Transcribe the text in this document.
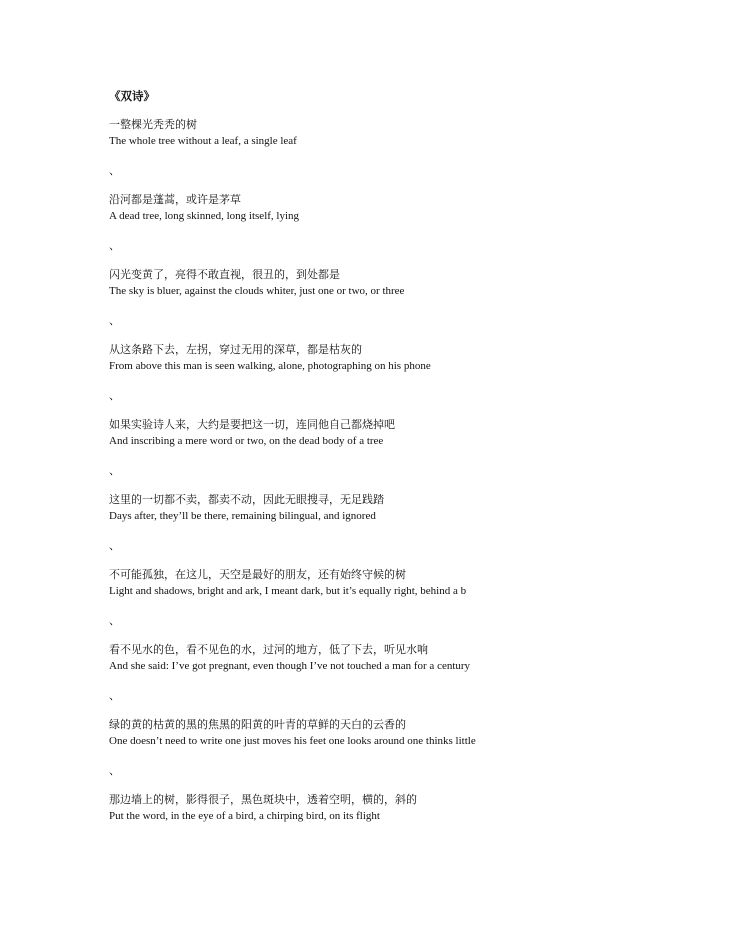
《双诗》
一整棵光秃秃的树
The whole tree without a leaf, a single leaf
、
沿河都是蓬蒿，或许是茅草
A dead tree, long skinned, long itself, lying
、
闪光变黄了，亮得不敢直视，很丑的，到处都是
The sky is bluer, against the clouds whiter, just one or two, or three
、
从这条路下去，左拐，穿过无用的深草，都是枯灰的
From above this man is seen walking, alone, photographing on his phone
、
如果实验诗人来，大约是要把这一切，连同他自己都烧掉吧
And inscribing a mere word or two, on the dead body of a tree
、
这里的一切都不卖，都卖不动，因此无眼搜寻，无足践踏
Days after, they’ll be there, remaining bilingual, and ignored
、
不可能孤独，在这儿，天空是最好的朋友，还有始终守候的树
Light and shadows, bright and ark, I meant dark, but it’s equally right, behind a b
、
看不见水的色，看不见色的水，过河的地方，低了下去，听见水响
And she said: I’ve got pregnant, even though I’ve not touched a man for a century
、
绿的黄的枯黄的黑的焦黑的阳黄的叶青的草鲜的天白的云香的
One doesn’t need to write one just moves his feet one looks around one thinks little
、
那边墙上的树，影得很子，黑色斑块中，透着空明，横的，斜的
Put the word, in the eye of a bird, a chirping bird, on its flight
